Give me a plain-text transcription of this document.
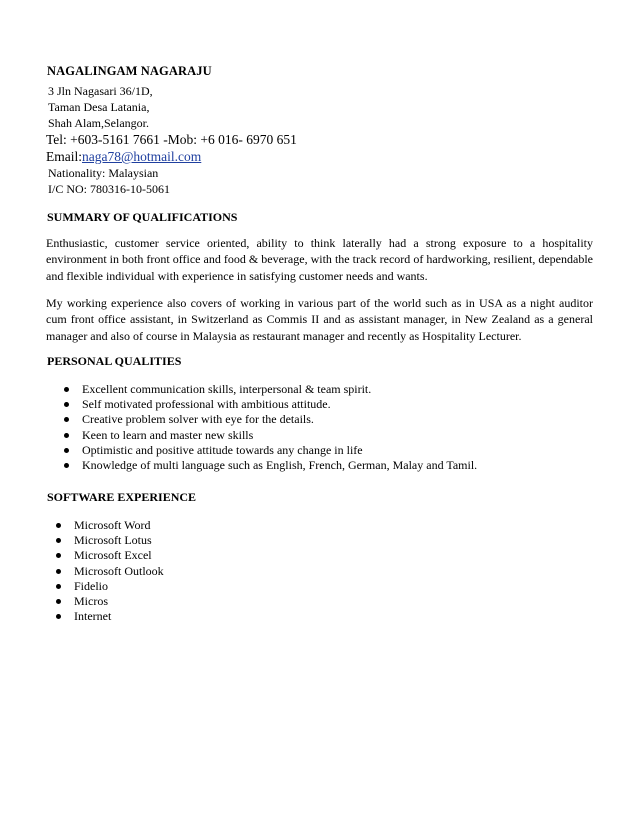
NAGALINGAM NAGARAJU
3 Jln Nagasari 36/1D,
Taman Desa Latania,
Shah Alam,Selangor.
Tel: +603-5161 7661 -Mob: +6 016- 6970 651
Email:naga78@hotmail.com
Nationality: Malaysian
I/C NO: 780316-10-5061
SUMMARY OF QUALIFICATIONS

Enthusiastic, customer service oriented, ability to think laterally had a strong exposure to a hospitality environment in both front office and food & beverage, with the track record of hardworking, resilient, dependable and flexible individual with experience in satisfying customer needs and wants.

My working experience also covers of working in various part of the world such as in USA as a night auditor cum front office assistant, in Switzerland as Commis II and as assistant manager, in New Zealand as a general manager and also of course in Malaysia as restaurant manager and recently as Hospitality Lecturer.

PERSONAL QUALITIES
Excellent communication skills, interpersonal & team spirit.
Self motivated professional with ambitious attitude.
Creative problem solver with eye for the details.
Keen to learn and master new skills
Optimistic and positive attitude towards any change in life
Knowledge of multi language such as English, French, German, Malay and Tamil.
SOFTWARE EXPERIENCE
Microsoft Word
Microsoft Lotus
Microsoft Excel
Microsoft Outlook
Fidelio
Micros
Internet
